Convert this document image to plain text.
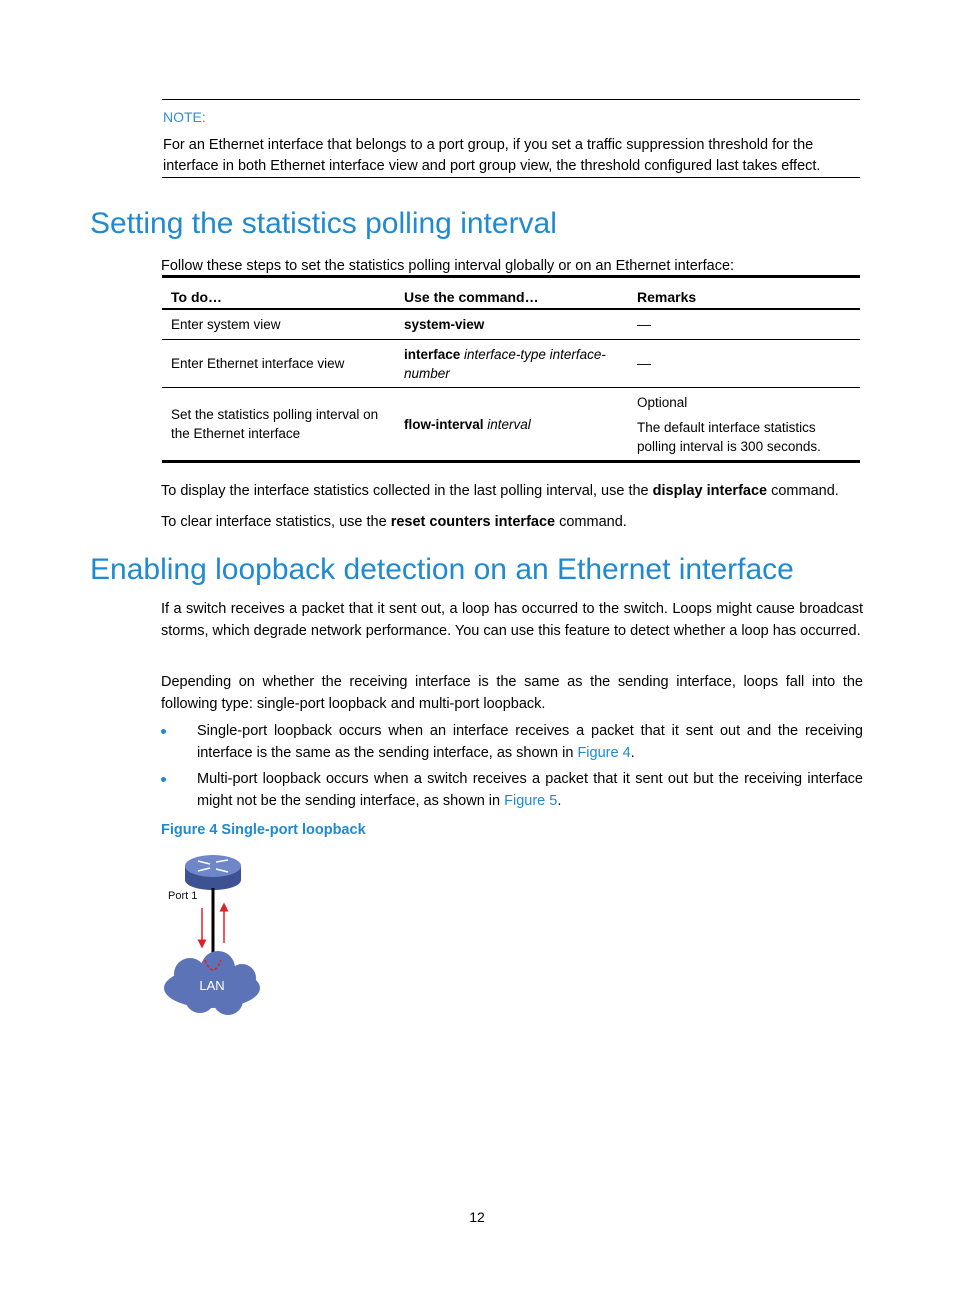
NOTE:
For an Ethernet interface that belongs to a port group, if you set a traffic suppression threshold for the interface in both Ethernet interface view and port group view, the threshold configured last takes effect.
Setting the statistics polling interval
Follow these steps to set the statistics polling interval globally or on an Ethernet interface:
To do…	Use the command…	Remarks
Enter system view	system-view	—
Enter Ethernet interface view	interface interface-type interface-number	—
Set the statistics polling interval on the Ethernet interface	flow-interval interval	Optional
The default interface statistics polling interval is 300 seconds.
To display the interface statistics collected in the last polling interval, use the display interface command.
To clear interface statistics, use the reset counters interface command.
Enabling loopback detection on an Ethernet interface
If a switch receives a packet that it sent out, a loop has occurred to the switch. Loops might cause broadcast storms, which degrade network performance. You can use this feature to detect whether a loop has occurred.
Depending on whether the receiving interface is the same as the sending interface, loops fall into the following type: single-port loopback and multi-port loopback.
Single-port loopback occurs when an interface receives a packet that it sent out and the receiving interface is the same as the sending interface, as shown in Figure 4.
Multi-port loopback occurs when a switch receives a packet that it sent out but the receiving interface might not be the sending interface, as shown in Figure 5.
Figure 4 Single-port loopback
LAN
Port 1
12
